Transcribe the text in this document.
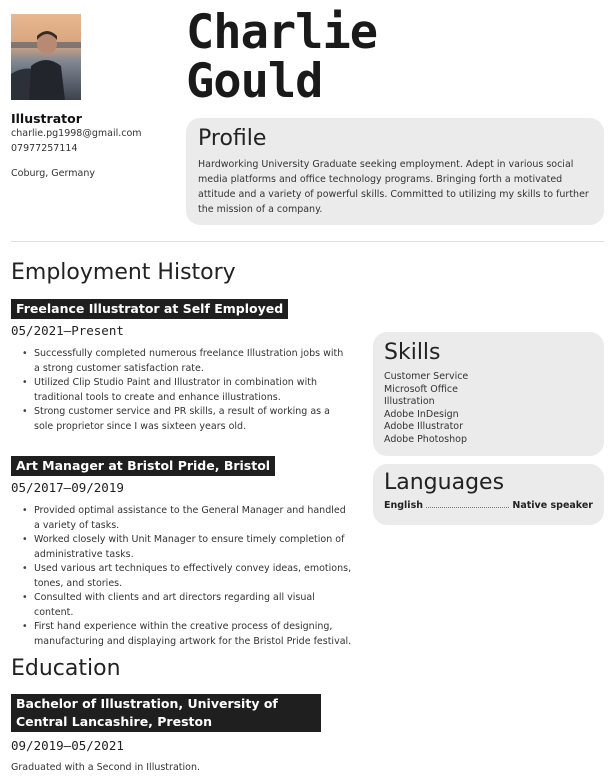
Illustrator
charlie.pg1998@gmail.com
07977257114
Coburg, Germany
Charlie
Gould
Profile
Hardworking University Graduate seeking employment. Adept in various social media platforms and office technology programs. Bringing forth a motivated attitude and a variety of powerful skills. Committed to utilizing my skills to further the mission of a company.
Employment History
Freelance Illustrator at Self Employed
05/2021—Present
• Successfully completed numerous freelance Illustration jobs with a strong customer satisfaction rate.
• Utilized Clip Studio Paint and Illustrator in combination with traditional tools to create and enhance illustrations.
• Strong customer service and PR skills, a result of working as a sole proprietor since I was sixteen years old.
Art Manager at Bristol Pride, Bristol
05/2017—09/2019
• Provided optimal assistance to the General Manager and handled a variety of tasks.
• Worked closely with Unit Manager to ensure timely completion of administrative tasks.
• Used various art techniques to effectively convey ideas, emotions, tones, and stories.
• Consulted with clients and art directors regarding all visual content.
• First hand experience within the creative process of designing, manufacturing and displaying artwork for the Bristol Pride festival.
Skills
Customer Service
Microsoft Office
Illustration
Adobe InDesign
Adobe Illustrator
Adobe Photoshop
Languages
English	Native speaker
Education
Bachelor of Illustration, University of Central Lancashire, Preston
09/2019—05/2021
Graduated with a Second in Illustration.
